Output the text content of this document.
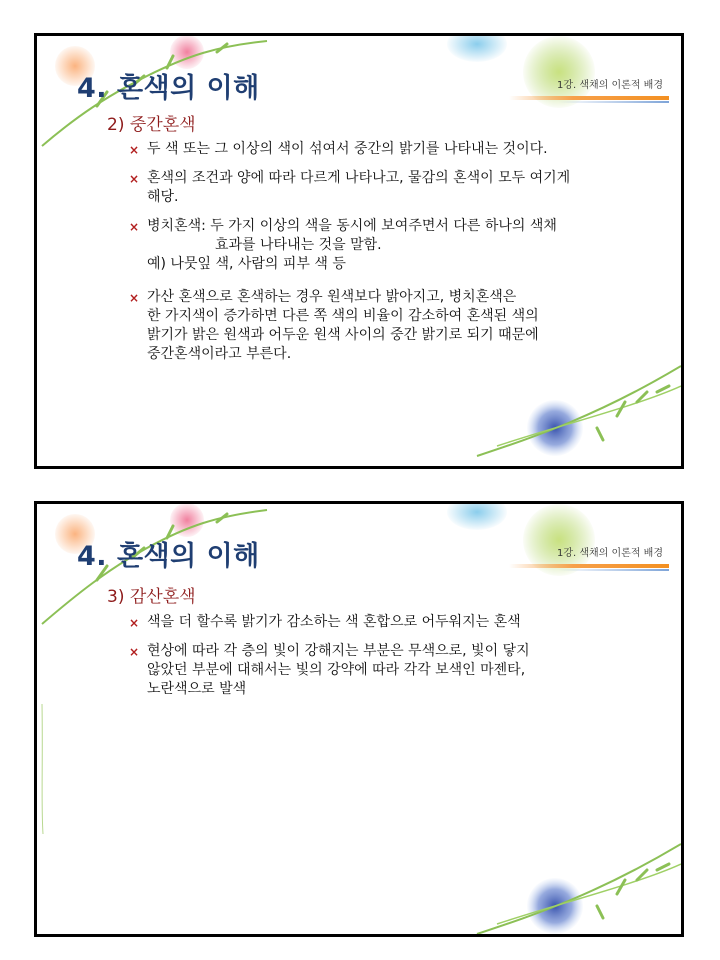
4. 혼색의 이해	1강. 색채의 이론적 배경
2) 중간혼색
× 두 색 또는 그 이상의 색이 섞여서 중간의 밝기를 나타내는 것이다.
× 혼색의 조건과 양에 따라 다르게 나타나고, 물감의 혼색이 모두 여기게
해당.
× 병치혼색: 두 가지 이상의 색을 동시에 보여주면서 다른 하나의 색채
효과를 나타내는 것을 말함.
예) 나뭇잎 색, 사람의 피부 색 등
× 가산 혼색으로 혼색하는 경우 원색보다 밝아지고, 병치혼색은
한 가지색이 증가하면 다른 쪽 색의 비율이 감소하여 혼색된 색의
밝기가 밝은 원색과 어두운 원색 사이의 중간 밝기로 되기 때문에
중간혼색이라고 부른다.
4. 혼색의 이해	1강. 색채의 이론적 배경
3) 감산혼색
× 색을 더 할수록 밝기가 감소하는 색 혼합으로 어두워지는 혼색
× 현상에 따라 각 층의 빛이 강해지는 부분은 무색으로, 빛이 닿지
않았던 부분에 대해서는 빛의 강약에 따라 각각 보색인 마젠타,
노란색으로 발색
